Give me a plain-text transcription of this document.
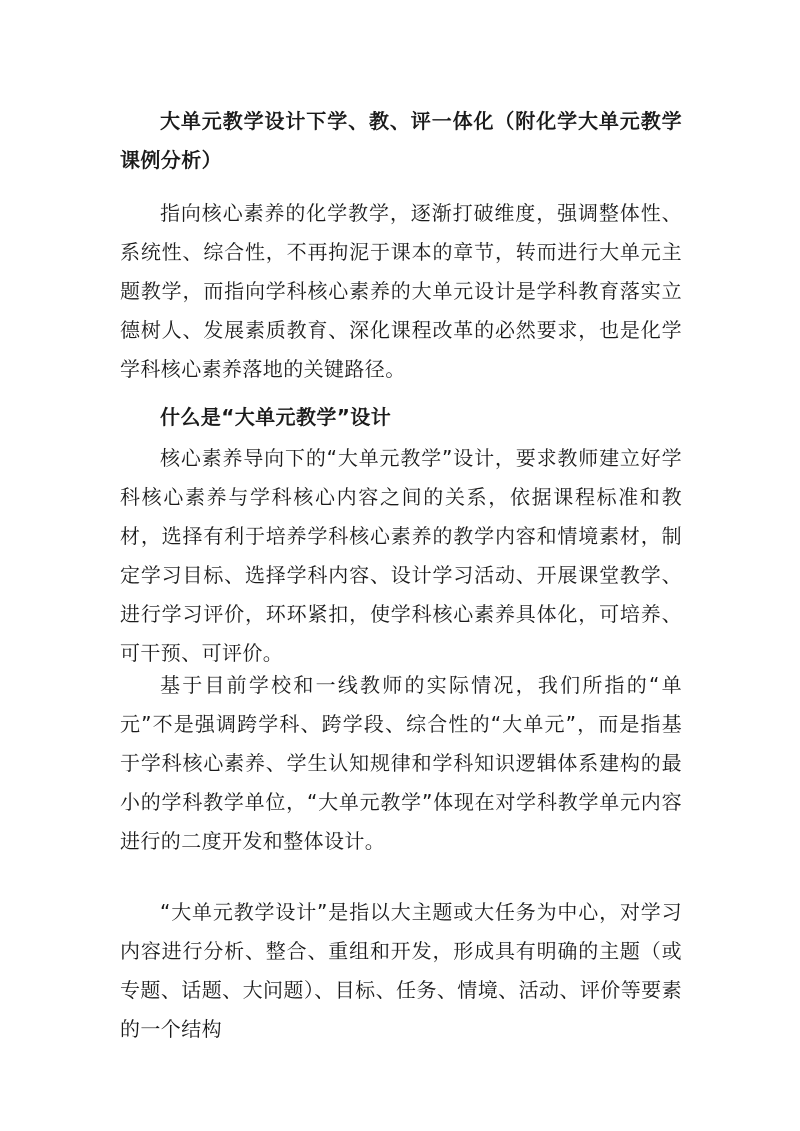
大单元教学设计下学、教、评一体化（附化学大单元教学课例分析）

指向核心素养的化学教学，逐渐打破维度，强调整体性、系统性、综合性，不再拘泥于课本的章节，转而进行大单元主题教学，而指向学科核心素养的大单元设计是学科教育落实立德树人、发展素质教育、深化课程改革的必然要求，也是化学学科核心素养落地的关键路径。

什么是“大单元教学”设计

核心素养导向下的“大单元教学”设计，要求教师建立好学科核心素养与学科核心内容之间的关系，依据课程标准和教材，选择有利于培养学科核心素养的教学内容和情境素材，制定学习目标、选择学科内容、设计学习活动、开展课堂教学、进行学习评价，环环紧扣，使学科核心素养具体化，可培养、可干预、可评价。

基于目前学校和一线教师的实际情况，我们所指的“单元”不是强调跨学科、跨学段、综合性的“大单元”，而是指基于学科核心素养、学生认知规律和学科知识逻辑体系建构的最小的学科教学单位，“大单元教学”体现在对学科教学单元内容进行的二度开发和整体设计。

“大单元教学设计”是指以大主题或大任务为中心，对学习内容进行分析、整合、重组和开发，形成具有明确的主题（或专题、话题、大问题）、目标、任务、情境、活动、评价等要素的一个结构
